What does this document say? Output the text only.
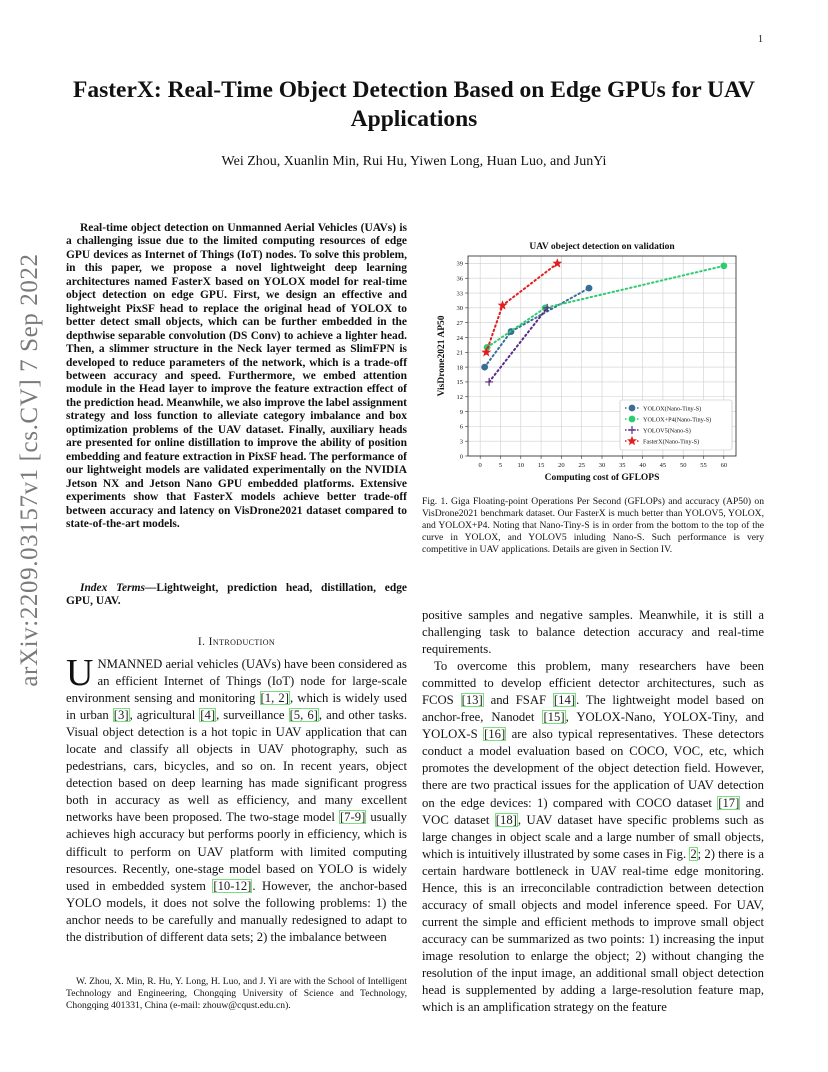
1
FasterX: Real-Time Object Detection Based on Edge GPUs for UAV Applications
Wei Zhou, Xuanlin Min, Rui Hu, Yiwen Long, Huan Luo, and JunYi
arXiv:2209.03157v1 [cs.CV] 7 Sep 2022
Real-time object detection on Unmanned Aerial Vehicles (UAVs) is a challenging issue due to the limited computing resources of edge GPU devices as Internet of Things (IoT) nodes. To solve this problem, in this paper, we propose a novel lightweight deep learning architectures named FasterX based on YOLOX model for real-time object detection on edge GPU. First, we design an effective and lightweight PixSF head to replace the original head of YOLOX to better detect small objects, which can be further embedded in the depthwise separable convolution (DS Conv) to achieve a lighter head. Then, a slimmer structure in the Neck layer termed as SlimFPN is developed to reduce parameters of the network, which is a trade-off between accuracy and speed. Furthermore, we embed attention module in the Head layer to improve the feature extraction effect of the prediction head. Meanwhile, we also improve the label assignment strategy and loss function to alleviate category imbalance and box optimization problems of the UAV dataset. Finally, auxiliary heads are presented for online distillation to improve the ability of position embedding and feature extraction in PixSF head. The performance of our lightweight models are validated experimentally on the NVIDIA Jetson NX and Jetson Nano GPU embedded platforms. Extensive experiments show that FasterX models achieve better trade-off between accuracy and latency on VisDrone2021 dataset compared to state-of-the-art models.
Index Terms—Lightweight, prediction head, distillation, edge GPU, UAV.
I. Introduction
UNMANNED aerial vehicles (UAVs) have been considered as an efficient Internet of Things (IoT) node for large-scale environment sensing and monitoring [1, 2], which is widely used in urban [3], agricultural [4], surveillance [5, 6], and other tasks. Visual object detection is a hot topic in UAV application that can locate and classify all objects in UAV photography, such as pedestrians, cars, bicycles, and so on. In recent years, object detection based on deep learning has made significant progress both in accuracy as well as efficiency, and many excellent networks have been proposed. The two-stage model [7-9] usually achieves high accuracy but performs poorly in efficiency, which is difficult to perform on UAV platform with limited computing resources. Recently, one-stage model based on YOLO is widely used in embedded system [10-12]. However, the anchor-based YOLO models, it does not solve the following problems: 1) the anchor needs to be carefully and manually redesigned to adapt to the distribution of different data sets; 2) the imbalance between
W. Zhou, X. Min, R. Hu, Y. Long, H. Luo, and J. Yi are with the School of Intelligent Technology and Engineering, Chongqing University of Science and Technology, Chongqing 401331, China (e-mail: zhouw@cqust.edu.cn).
0	5 10 15 20 25 30 35 40 45 50 55 60
0
3
6
9
12
15
18
21
24
27
30
33
36
39
UAV obeject detection on validation
Computing cost of GFLOPS
VisDrone2021 AP50
YOLOX(Nano-Tiny-S)
YOLOX+P4(Nano-Tiny-S)
YOLOV5(Nano-S)
FasterX(Nano-Tiny-S)
Fig. 1. Giga Floating-point Operations Per Second (GFLOPs) and accuracy (AP50) on VisDrone2021 benchmark dataset. Our FasterX is much better than YOLOV5, YOLOX, and YOLOX+P4. Noting that Nano-Tiny-S is in order from the bottom to the top of the curve in YOLOX, and YOLOV5 inluding Nano-S. Such performance is very competitive in UAV applications. Details are given in Section IV.

positive samples and negative samples. Meanwhile, it is still a challenging task to balance detection accuracy and real-time requirements.

To overcome this problem, many researchers have been committed to develop efficient detector architectures, such as FCOS [13] and FSAF [14]. The lightweight model based on anchor-free, Nanodet [15], YOLOX-Nano, YOLOX-Tiny, and YOLOX-S [16] are also typical representatives. These detectors conduct a model evaluation based on COCO, VOC, etc, which promotes the development of the object detection field. However, there are two practical issues for the application of UAV detection on the edge devices: 1) compared with COCO dataset [17] and VOC dataset [18], UAV dataset have specific problems such as large changes in object scale and a large number of small objects, which is intuitively illustrated by some cases in Fig. 2; 2) there is a certain hardware bottleneck in UAV real-time edge monitoring. Hence, this is an irreconcilable contradiction between detection accuracy of small objects and model inference speed. For UAV, current the simple and efficient methods to improve small object accuracy can be summarized as two points: 1) increasing the input image resolution to enlarge the object; 2) without changing the resolution of the input image, an additional small object detection head is supplemented by adding a large-resolution feature map, which is an amplification strategy on the feature
